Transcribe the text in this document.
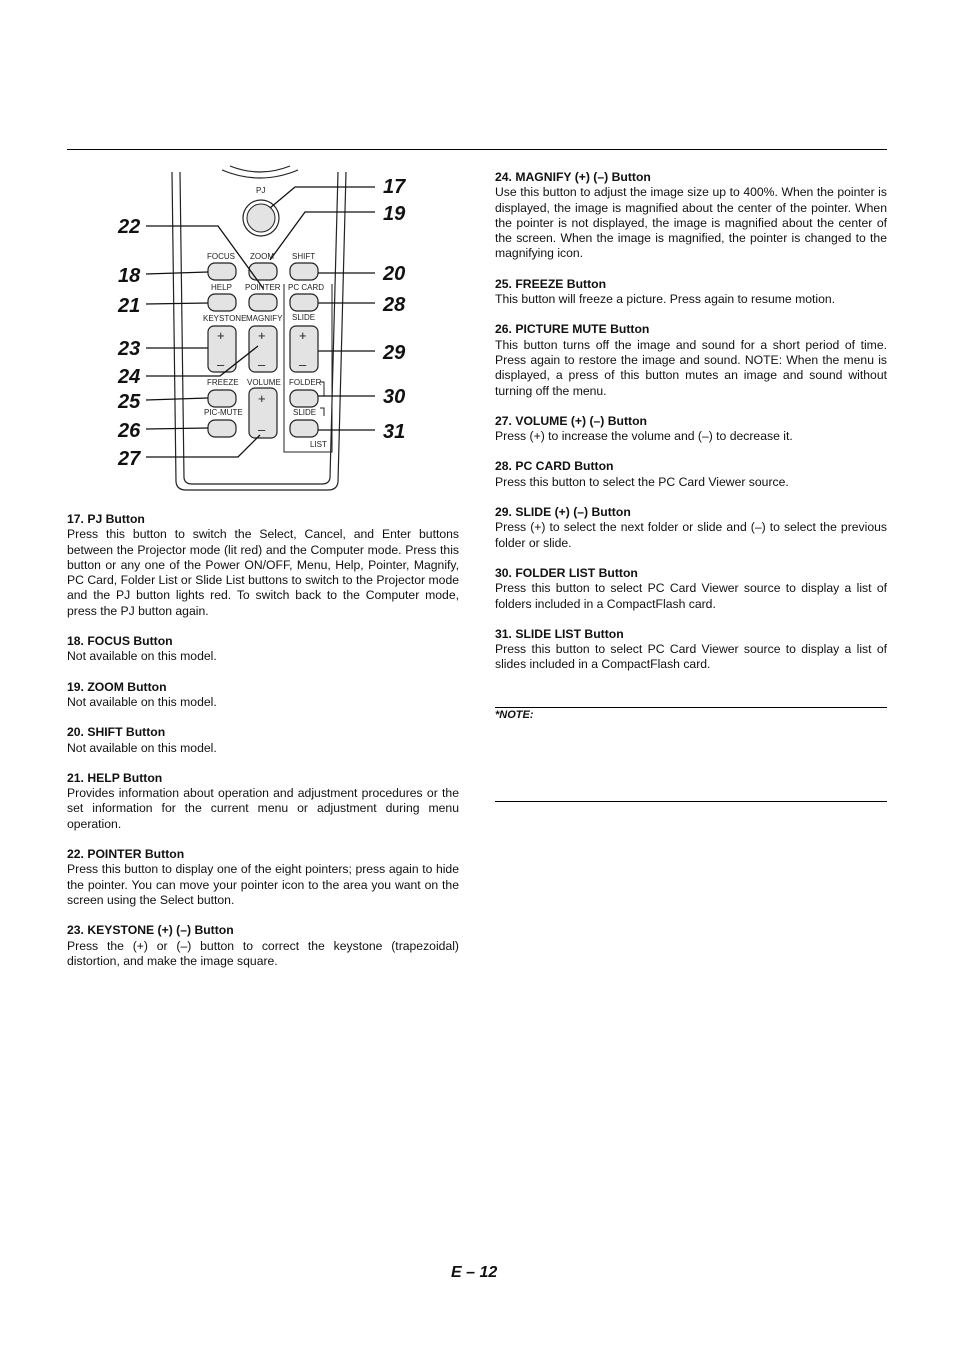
PJ
FOCUS ZOOM SHIFT
HELP POINTER PC CARD
KEYSTONE MAGNIFY SLIDE
+
–
+
–
+
–
FREEZE VOLUME FOLDER
+
–
PIC-MUTE	SLIDE
LIST
17
19
20
28
29
30
31
22
18
21
23
24
25
26
27
17. PJ Button

Press this button to switch the Select, Cancel, and Enter buttons between the Projector mode (lit red) and the Computer mode. Press this button or any one of the Power ON/OFF, Menu, Help, Pointer, Magnify, PC Card, Folder List or Slide List buttons to switch to the Projector mode and the PJ button lights red. To switch back to the Computer mode, press the PJ button again.

18. FOCUS Button

Not available on this model.

19. ZOOM Button

Not available on this model.

20. SHIFT Button

Not available on this model.

21. HELP Button

Provides information about operation and adjustment procedures or the set information for the current menu or adjustment during menu operation.

22. POINTER Button

Press this button to display one of the eight pointers; press again to hide the pointer. You can move your pointer icon to the area you want on the screen using the Select button.

23. KEYSTONE (+) (–) Button

Press the (+) or (–) button to correct the keystone (trapezoidal) distortion, and make the image square.

24. MAGNIFY (+) (–) Button

Use this button to adjust the image size up to 400%. When the pointer is displayed, the image is magnified about the center of the pointer. When the pointer is not displayed, the image is magnified about the center of the screen. When the image is magnified, the pointer is changed to the magnifying icon.

25. FREEZE Button

This button will freeze a picture. Press again to resume motion.

26. PICTURE MUTE Button

This button turns off the image and sound for a short period of time. Press again to restore the image and sound. NOTE: When the menu is displayed, a press of this button mutes an image and sound without turning off the menu.

27. VOLUME (+) (–) Button

Press (+) to increase the volume and (–) to decrease it.

28. PC CARD Button

Press this button to select the PC Card Viewer source.

29. SLIDE (+) (–) Button

Press (+) to select the next folder or slide and (–) to select the previous folder or slide.

30. FOLDER LIST Button

Press this button to select PC Card Viewer source to display a list of folders included in a CompactFlash card.

31. SLIDE LIST Button

Press this button to select PC Card Viewer source to display a list of slides included in a CompactFlash card.

*NOTE:
E – 12
